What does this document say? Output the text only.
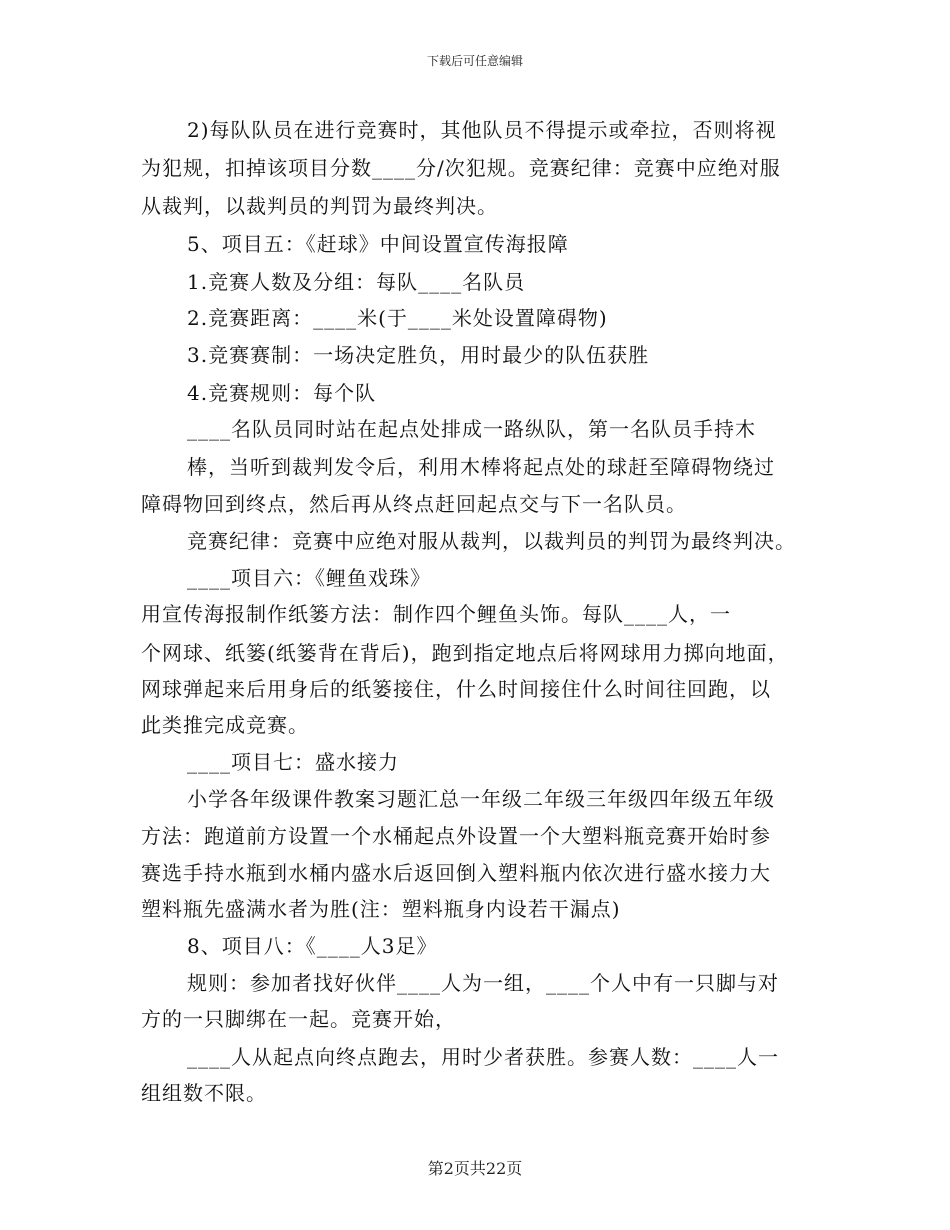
下载后可任意编辑
2)每队队员在进行竞赛时，其他队员不得提示或牵拉，否则将视
为犯规，扣掉该项目分数____分/次犯规。竞赛纪律：竞赛中应绝对服
从裁判，以裁判员的判罚为最终判决。
5、项目五：《赶球》中间设置宣传海报障
1.竞赛人数及分组：每队____名队员
2.竞赛距离：____米(于____米处设置障碍物)
3.竞赛赛制：一场决定胜负，用时最少的队伍获胜
4.竞赛规则：每个队
____名队员同时站在起点处排成一路纵队，第一名队员手持木
棒，当听到裁判发令后，利用木棒将起点处的球赶至障碍物绕过
障碍物回到终点，然后再从终点赶回起点交与下一名队员。
竞赛纪律：竞赛中应绝对服从裁判，以裁判员的判罚为最终判决。
____项目六：《鲤鱼戏珠》
用宣传海报制作纸篓方法：制作四个鲤鱼头饰。每队____人，一
个网球、纸篓(纸篓背在背后)，跑到指定地点后将网球用力掷向地面，
网球弹起来后用身后的纸篓接住，什么时间接住什么时间往回跑，以
此类推完成竞赛。
____项目七：盛水接力
小学各年级课件教案习题汇总一年级二年级三年级四年级五年级
方法：跑道前方设置一个水桶起点外设置一个大塑料瓶竞赛开始时参
赛选手持水瓶到水桶内盛水后返回倒入塑料瓶内依次进行盛水接力大
塑料瓶先盛满水者为胜(注：塑料瓶身内设若干漏点)
8、项目八：《____人3足》
规则：参加者找好伙伴____人为一组，____个人中有一只脚与对
方的一只脚绑在一起。竞赛开始，
____人从起点向终点跑去，用时少者获胜。参赛人数：____人一
组组数不限。
第2页共22页
